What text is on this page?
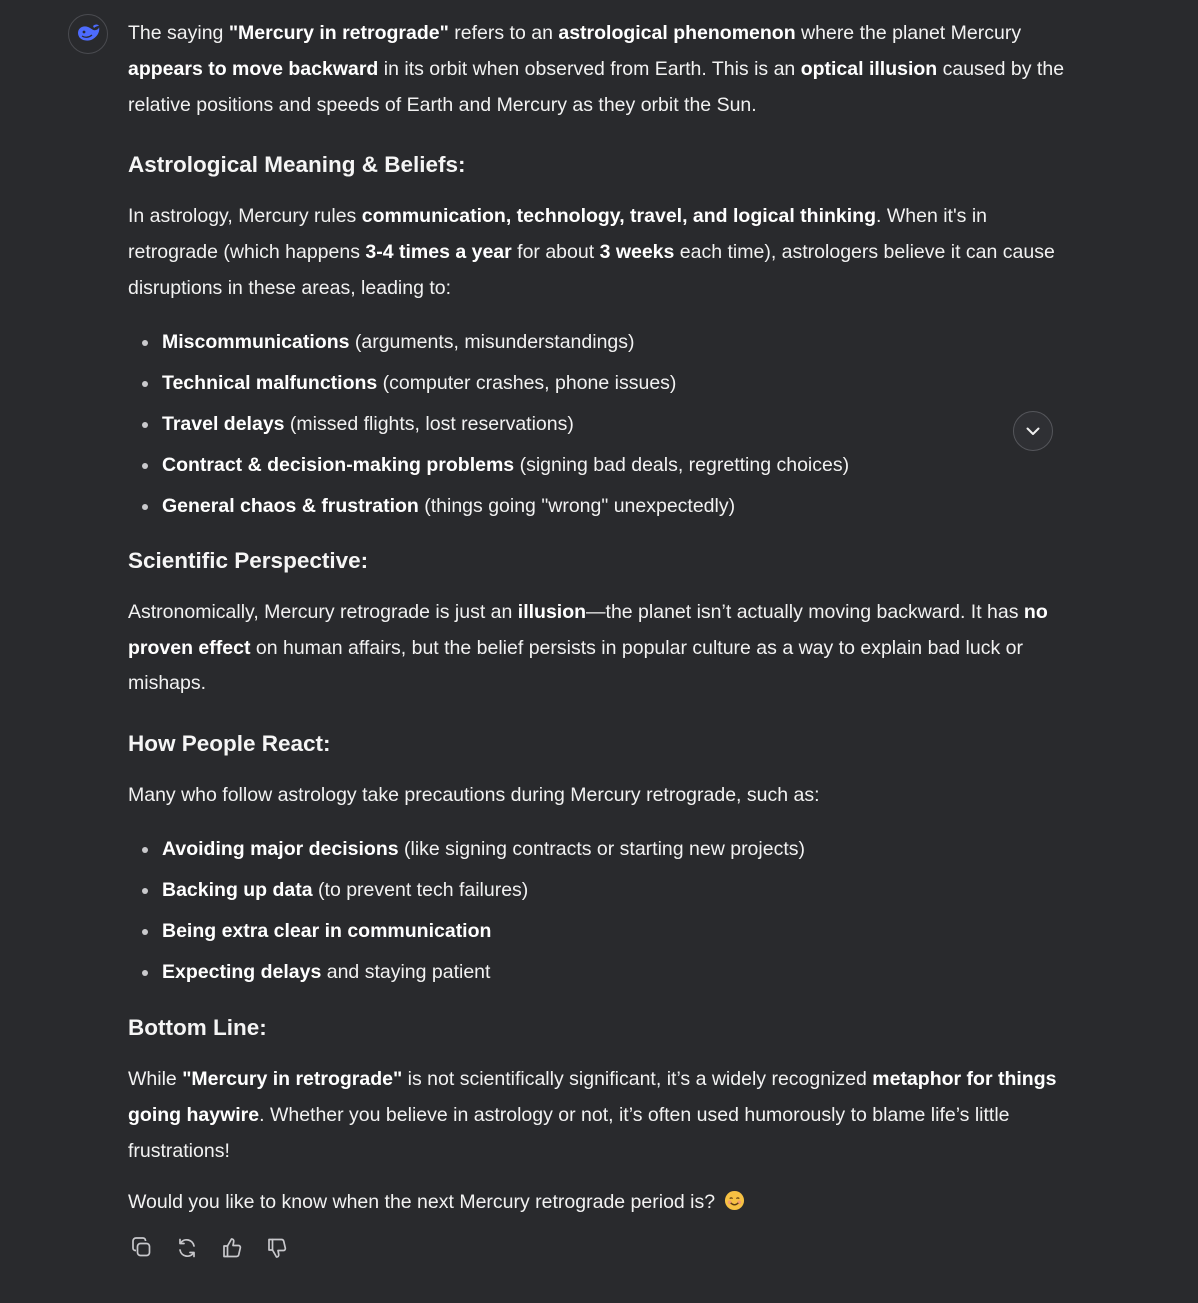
The saying "Mercury in retrograde" refers to an astrological phenomenon where the planet Mercury appears to move backward in its orbit when observed from Earth. This is an optical illusion caused by the relative positions and speeds of Earth and Mercury as they orbit the Sun.

Astrological Meaning & Beliefs:

In astrology, Mercury rules communication, technology, travel, and logical thinking. When it's in retrograde (which happens 3-4 times a year for about 3 weeks each time), astrologers believe it can cause disruptions in these areas, leading to:

Miscommunications (arguments, misunderstandings)
Technical malfunctions (computer crashes, phone issues)
Travel delays (missed flights, lost reservations)
Contract & decision-making problems (signing bad deals, regretting choices)
General chaos & frustration (things going "wrong" unexpectedly)
Scientific Perspective:

Astronomically, Mercury retrograde is just an illusion—the planet isn’t actually moving backward. It has no proven effect on human affairs, but the belief persists in popular culture as a way to explain bad luck or mishaps.

How People React:

Many who follow astrology take precautions during Mercury retrograde, such as:

Avoiding major decisions (like signing contracts or starting new projects)
Backing up data (to prevent tech failures)
Being extra clear in communication
Expecting delays and staying patient
Bottom Line:

While "Mercury in retrograde" is not scientifically significant, it’s a widely recognized metaphor for things going haywire. Whether you believe in astrology or not, it’s often used humorously to blame life’s little frustrations!

Would you like to know when the next Mercury retrograde period is?
